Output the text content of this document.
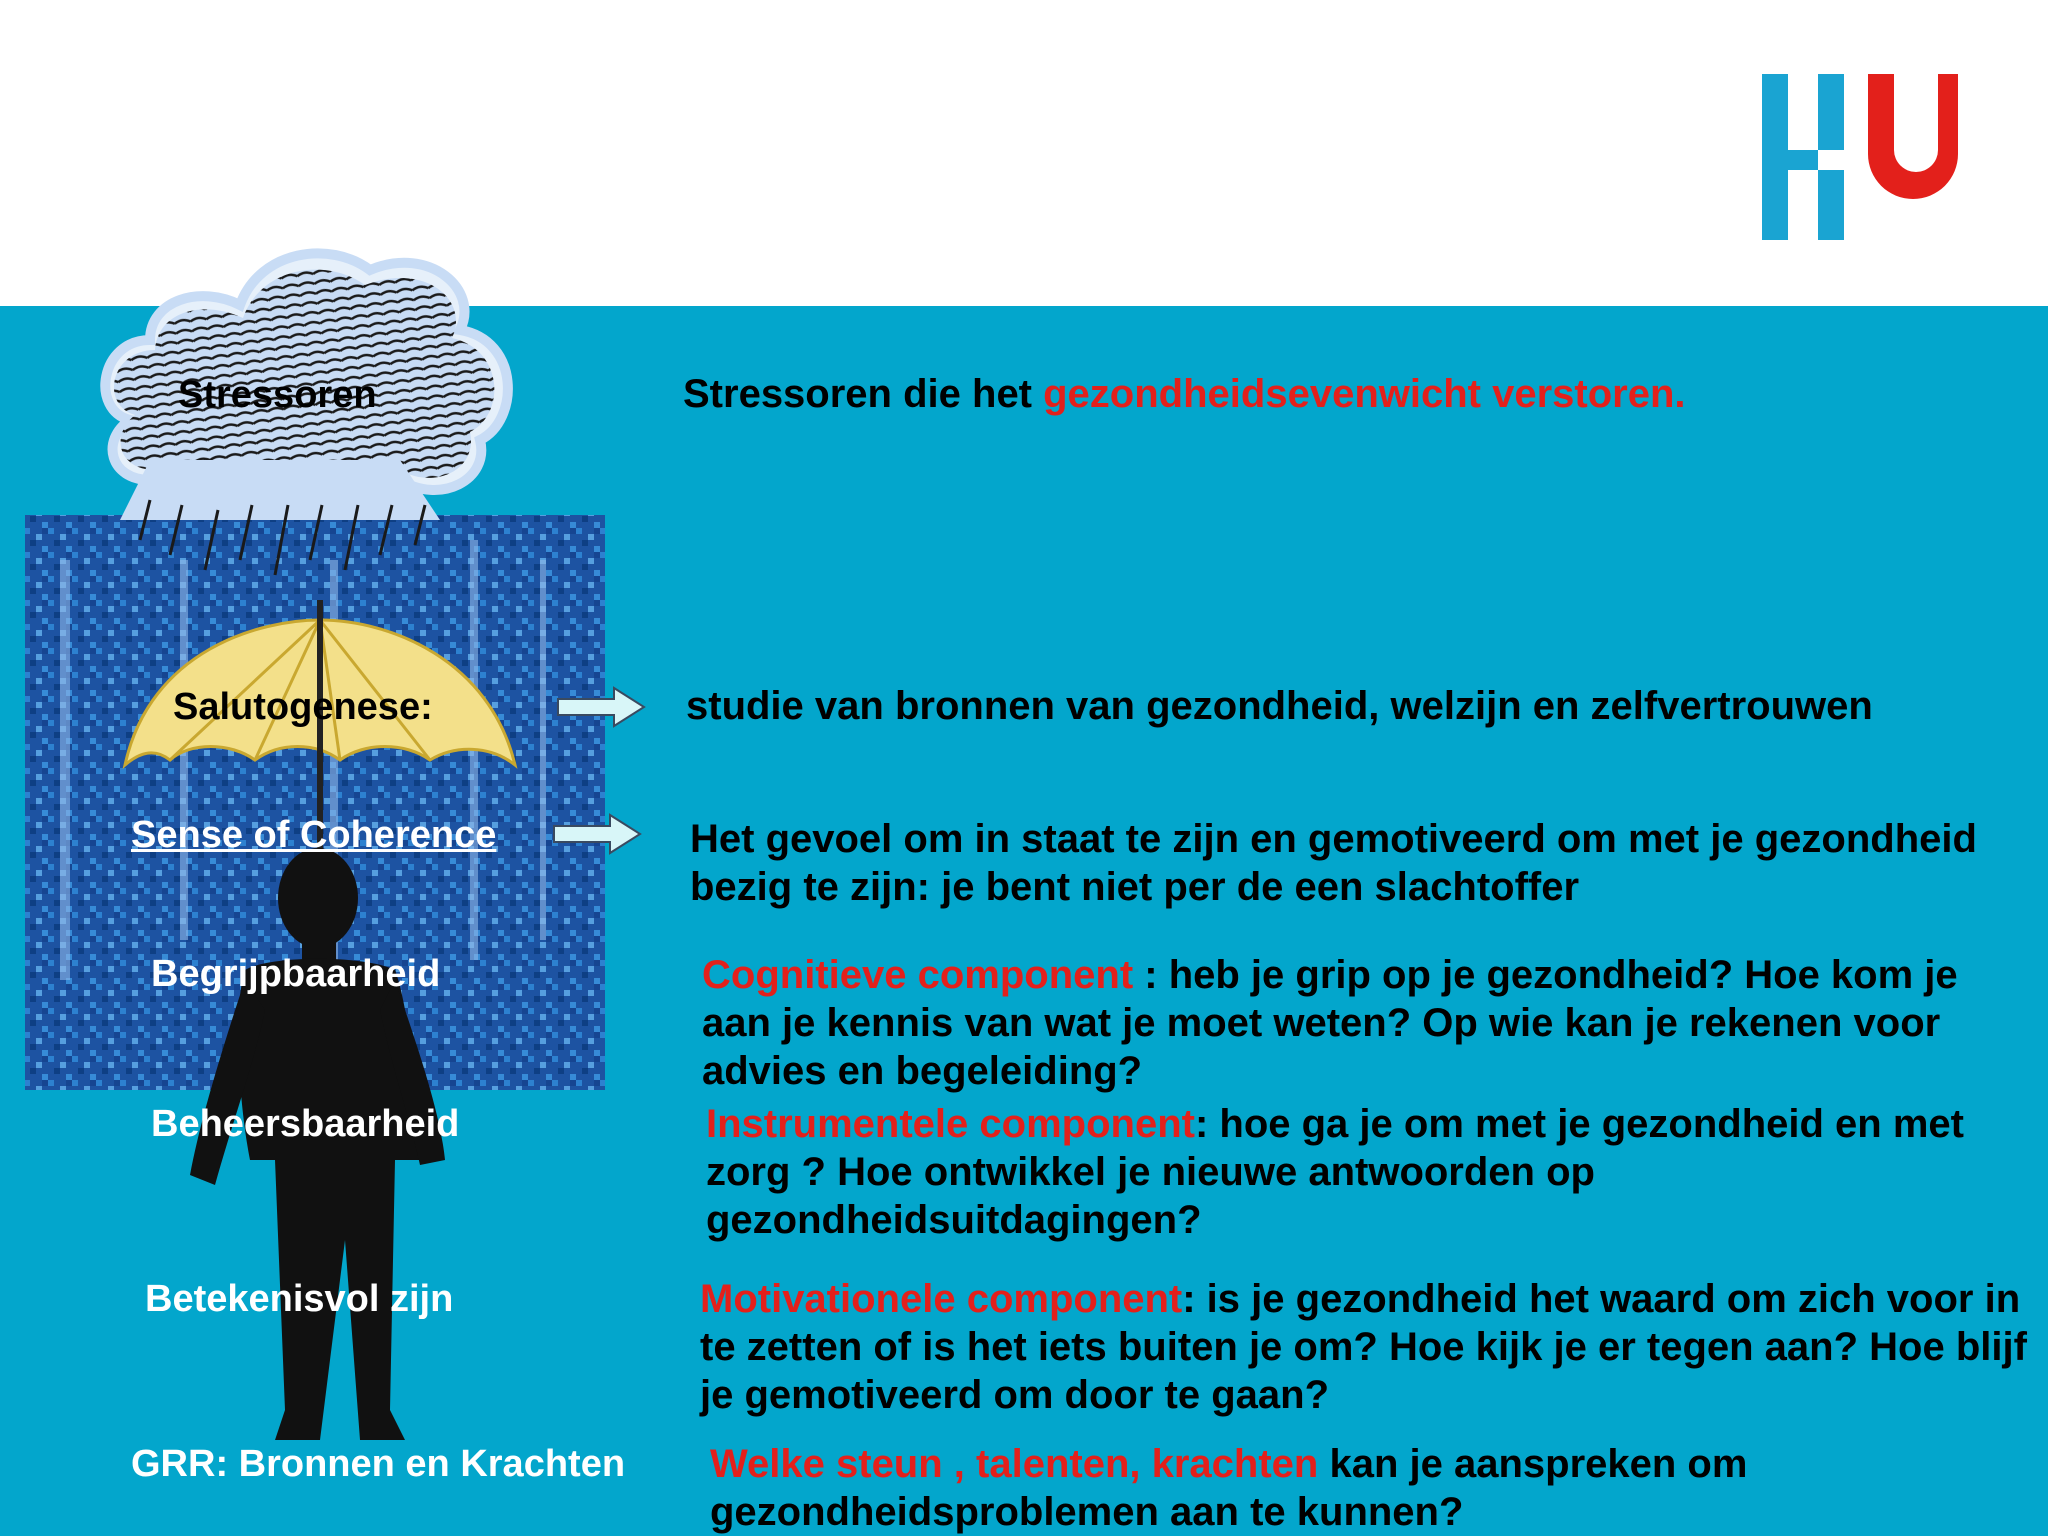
Stressoren

Salutogenese:

Sense of Coherence

Begrijpbaarheid

Beheersbaarheid

Betekenisvol zijn

GRR: Bronnen en Krachten

Stressoren die het gezondheidsevenwicht verstoren.

studie van bronnen van gezondheid, welzijn en zelfvertrouwen

Het gevoel om in staat te zijn en gemotiveerd om met je gezondheid bezig te zijn: je bent niet per de een slachtoffer

Cognitieve component : heb je grip op je gezondheid? Hoe kom je aan je kennis van wat je moet weten? Op wie kan je rekenen voor advies en begeleiding?

Instrumentele component: hoe ga je om met je gezondheid en met zorg ? Hoe ontwikkel je nieuwe antwoorden op gezondheidsuitdagingen?

Motivationele component: is je gezondheid het waard om zich voor in te zetten of is het iets buiten je om? Hoe kijk je er tegen aan? Hoe blijf je gemotiveerd om door te gaan?

Welke steun , talenten, krachten kan je aanspreken om gezondheidsproblemen aan te kunnen?
